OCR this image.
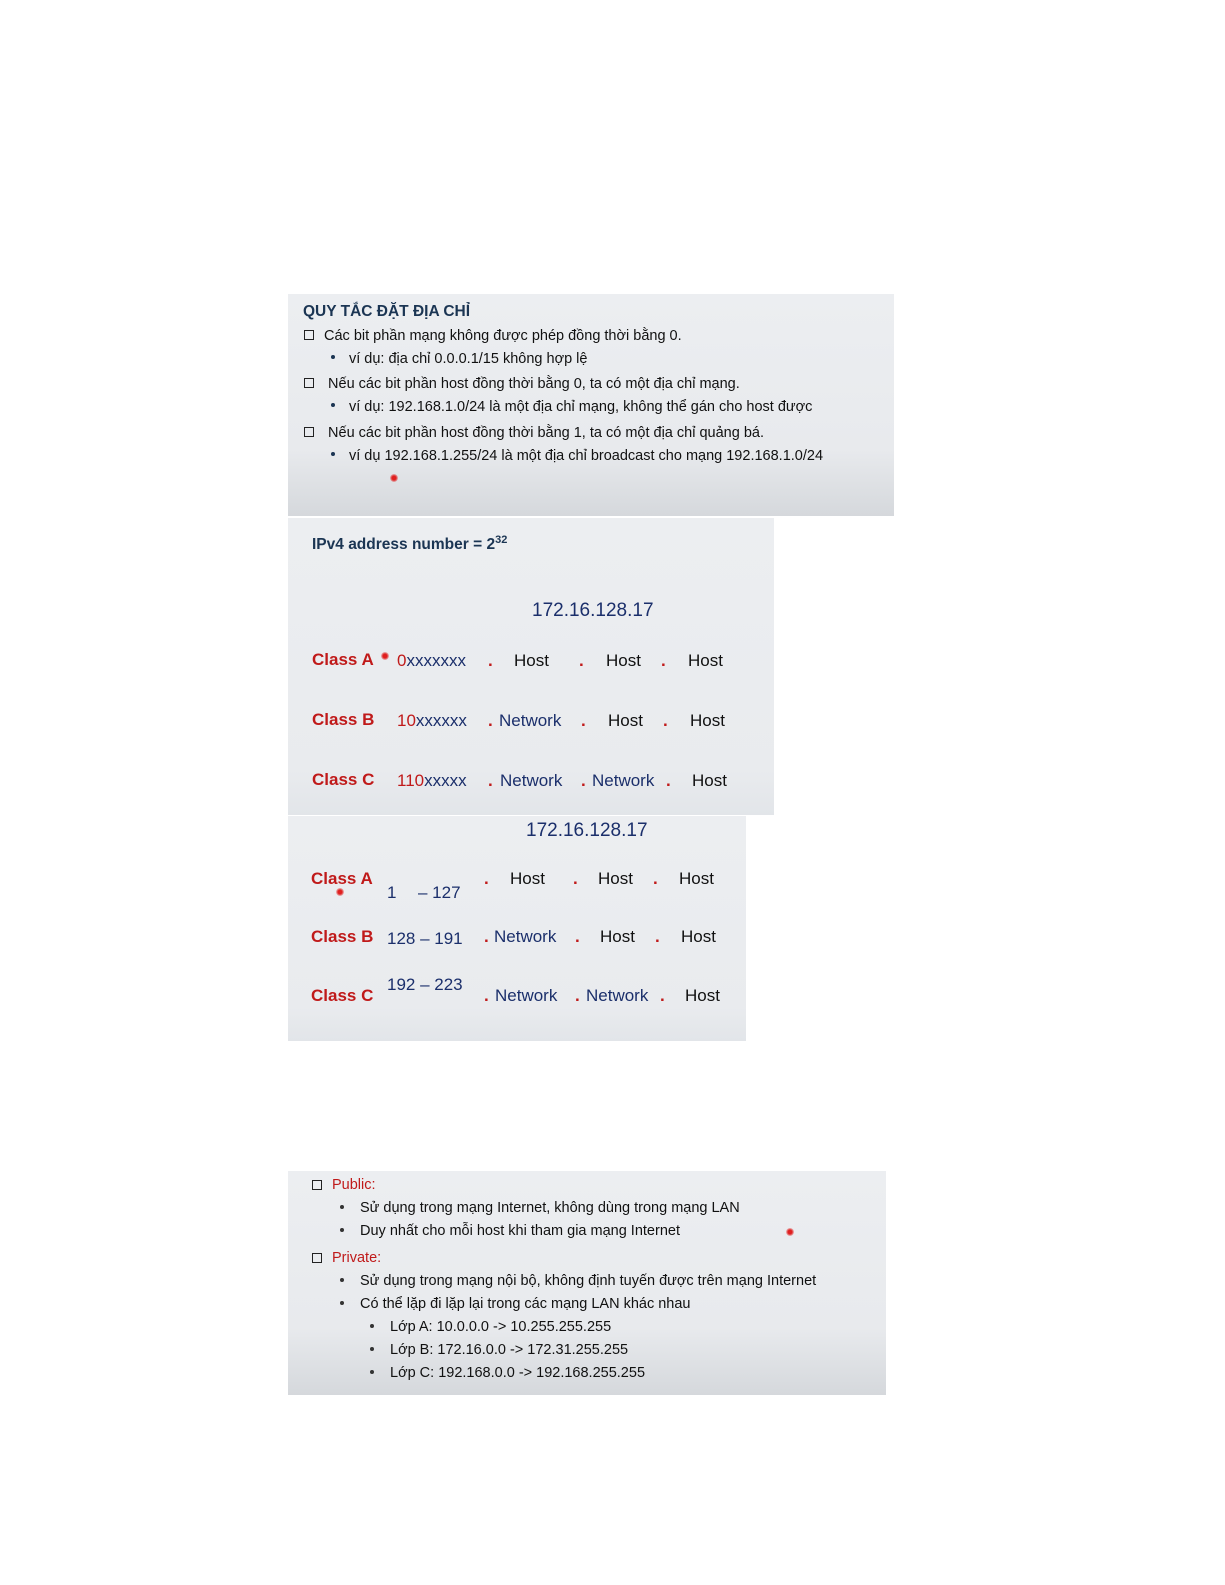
QUY TẮC ĐẶT ĐỊA CHỈ
Các bit phần mạng không được phép đồng thời bằng 0.
ví dụ: địa chỉ 0.0.0.1/15 không hợp lệ
Nếu các bit phần host đồng thời bằng 0, ta có một địa chỉ mạng.
ví dụ: 192.168.1.0/24 là một địa chỉ mạng, không thể gán cho host được
Nếu các bit phần host đồng thời bằng 1, ta có một địa chỉ quảng bá.
ví dụ 192.168.1.255/24 là một địa chỉ broadcast cho mạng 192.168.1.0/24
IPv4 address number = $2^{32}$
172.16.128.17
Class A 0xxxxxxx . Host . Host . Host
Class B 10xxxxxx . Network . Host . Host
Class C 110xxxxx . Network . Network . Host
172.16.128.17
Class A
1 – 127
. Host . Host . Host
Class B 128 – 191 . Network . Host . Host
Class C
192 – 223
. Network . Network . Host
Public:
Sử dụng trong mạng Internet, không dùng trong mạng LAN
Duy nhất cho mỗi host khi tham gia mạng Internet
Private:
Sử dụng trong mạng nội bộ, không định tuyến được trên mạng Internet
Có thể lặp đi lặp lại trong các mạng LAN khác nhau
Lớp A: 10.0.0.0 -> 10.255.255.255
Lớp B: 172.16.0.0 -> 172.31.255.255
Lớp C: 192.168.0.0 -> 192.168.255.255
